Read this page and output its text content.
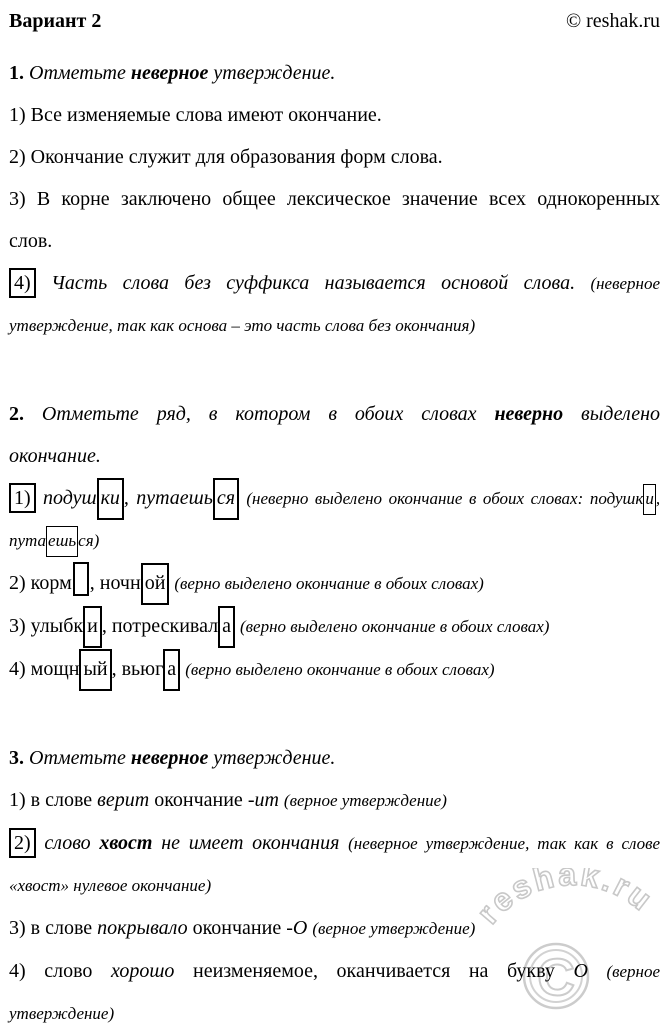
C
reshak.ru
Вариант 2	© reshak.ru

1. Отметьте неверное утверждение.

1) Все изменяемые слова имеют окончание.

2) Окончание служит для образования форм слова.

3) В корне заключено общее лексическое значение всех однокоренных
слов.

4) Часть слова без суффикса называется основой слова. (неверное
утверждение, так как основа – это часть слова без окончания)

2. Отметьте ряд, в котором в обоих словах неверно выделено
окончание.

1) подуш ки , путаешь ся (неверно выделено окончание в обоих словах: подушк и ,
пута ешь ся)

2) корм , ночн ой (верно выделено окончание в обоих словах)

3) улыбк и , потрескивал а (верно выделено окончание в обоих словах)

4) мощн ый , вьюг а (верно выделено окончание в обоих словах)

3. Отметьте неверное утверждение.

1) в слове верит окончание -ит (верное утверждение)

2) слово хвост не имеет окончания (неверное утверждение, так как в слове
«хвост» нулевое окончание)

3) в слове покрывало окончание -О (верное утверждение)

4) слово хорошо неизменяемое, оканчивается на букву О (верное
утверждение)
